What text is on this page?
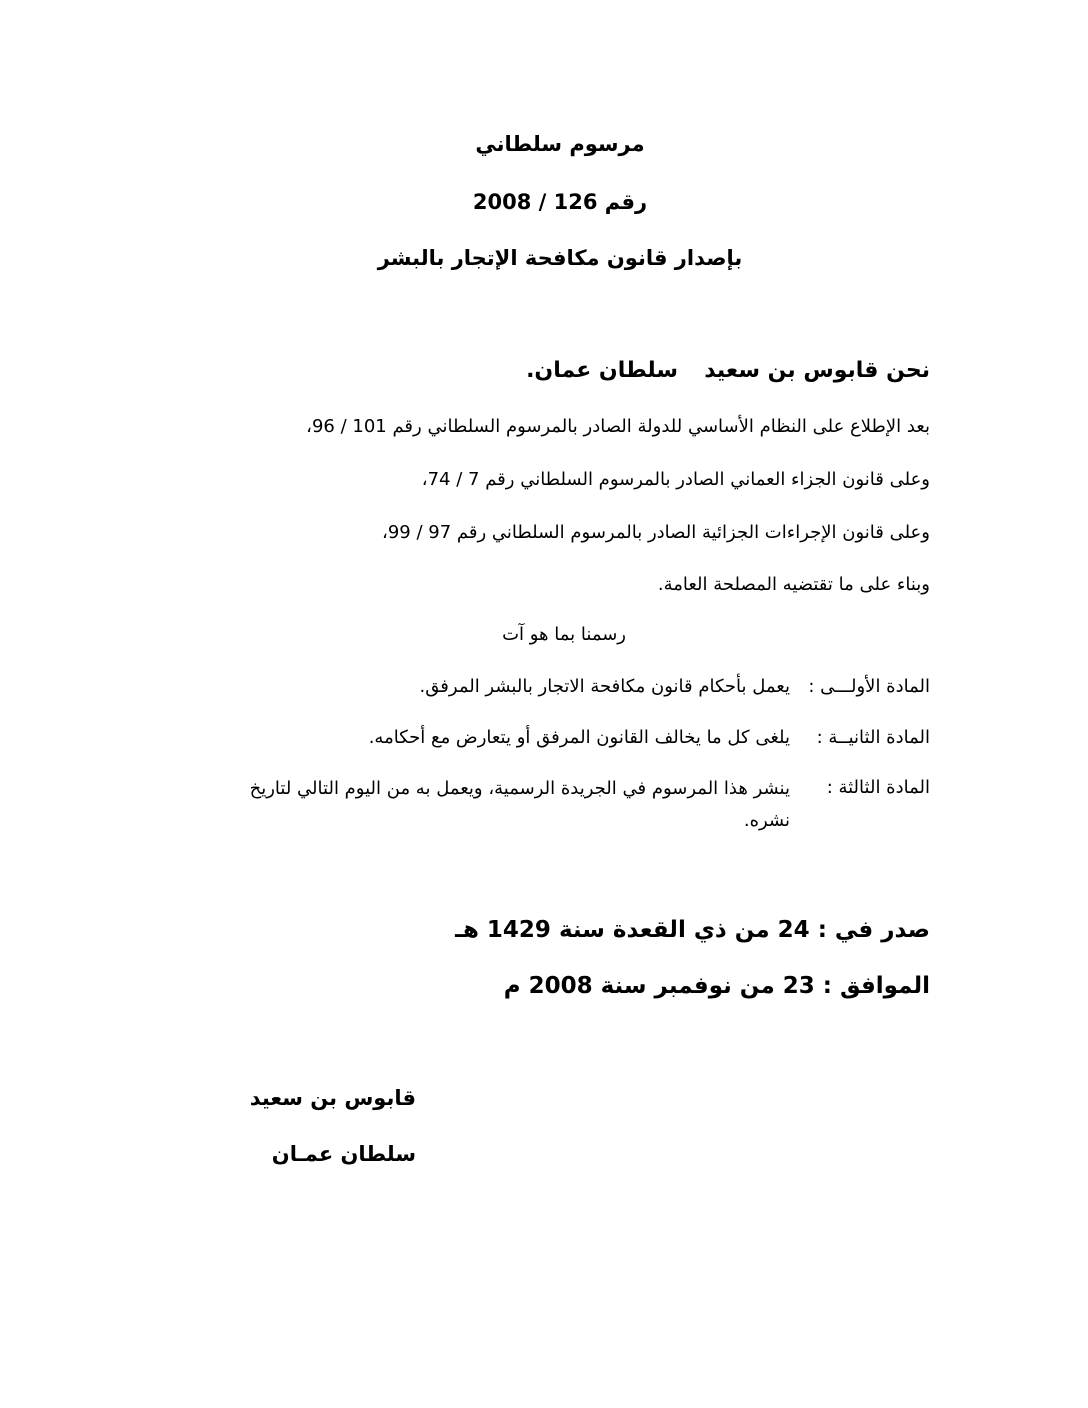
مرسوم سلطاني
رقم 126 / 2008
بإصدار قانون مكافحة الإتجار بالبشر
نحن قابوس بن سعيد
سلطان عمان.
بعد الإطلاع على النظام الأساسي للدولة الصادر بالمرسوم السلطاني رقم 101 / 96،
وعلى قانون الجزاء العماني الصادر بالمرسوم السلطاني رقم 7 / 74،
وعلى قانون الإجراءات الجزائية الصادر بالمرسوم السلطاني رقم 97 / 99،
وبناء على ما تقتضيه المصلحة العامة.
رسمنا بما هو آت
المادة الأولـــى :
يعمل بأحكام قانون مكافحة الاتجار بالبشر المرفق.
المادة الثانيــة :
يلغى كل ما يخالف القانون المرفق أو يتعارض مع أحكامه.
المادة الثالثة :
ينشر هذا المرسوم في الجريدة الرسمية، ويعمل به من اليوم التالي لتاريخ نشره.
صدر في : 24 من ذي القعدة سنة 1429 هـ
الموافق : 23 من نوفمبر سنة 2008 م
قابوس بن سعيد
سلطان عمـان
